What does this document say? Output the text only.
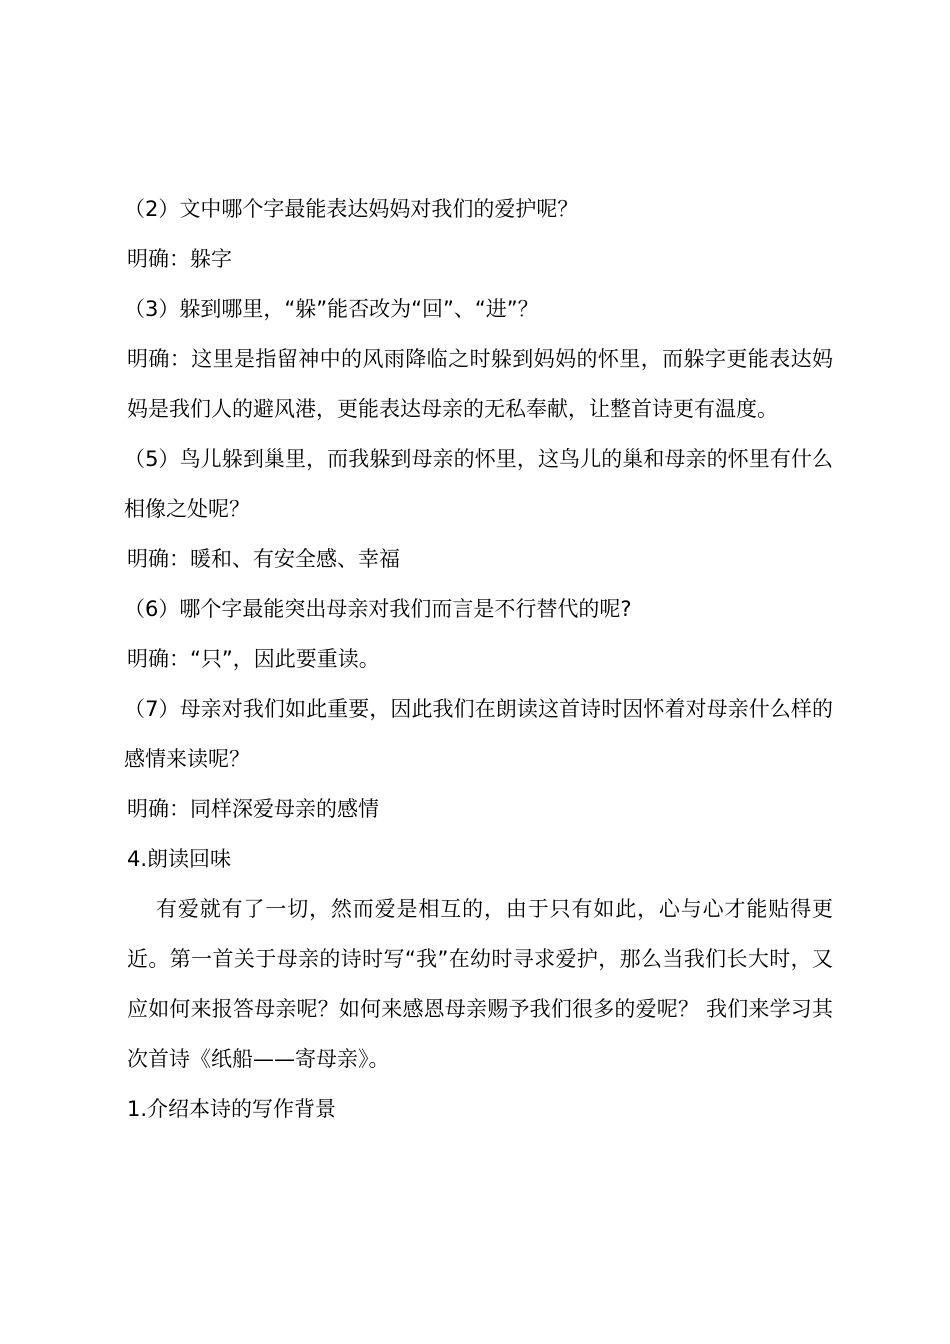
（2）文中哪个字最能表达妈妈对我们的爱护呢？

明确：躲字

（3）躲到哪里，“躲”能否改为“回”、“进”？

明确：这里是指留神中的风雨降临之时躲到妈妈的怀里，而躲字更能表达妈妈是我们人的避风港，更能表达母亲的无私奉献，让整首诗更有温度。

（5）鸟儿躲到巢里，而我躲到母亲的怀里，这鸟儿的巢和母亲的怀里有什么相像之处呢？

明确：暖和、有安全感、幸福

（6）哪个字最能突出母亲对我们而言是不行替代的呢?

明确：“只”，因此要重读。

（7）母亲对我们如此重要，因此我们在朗读这首诗时因怀着对母亲什么样的感情来读呢？

明确：同样深爱母亲的感情

4.朗读回味

有爱就有了一切，然而爱是相互的，由于只有如此，心与心才能贴得更近。第一首关于母亲的诗时写“我”在幼时寻求爱护，那么当我们长大时，又应如何来报答母亲呢？如何来感恩母亲赐予我们很多的爱呢？ 我们来学习其次首诗《纸船——寄母亲》。

1.介绍本诗的写作背景
